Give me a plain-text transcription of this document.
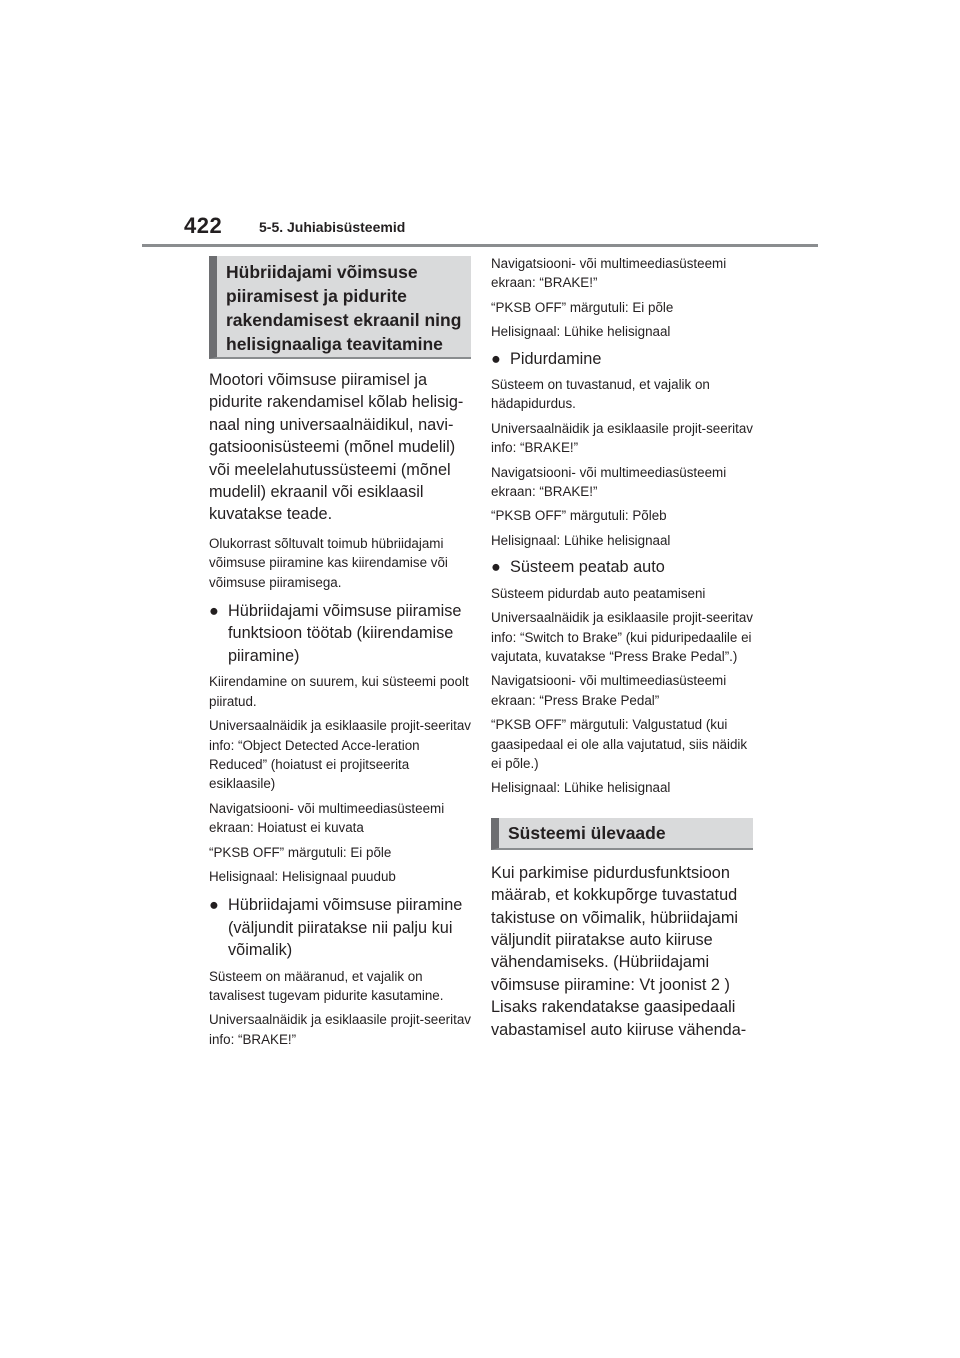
422	5-5. Juhiabisüsteemid
Hübriidajami võimsuse piiramisest ja pidurite rakendamisest ekraanil ning helisignaaliga teavitamine

Mootori võimsuse piiramisel ja pidurite rakendamisel kõlab helisig-naal ning universaalnäidikul, navi-gatsioonisüsteemi (mõnel mudelil) või meelelahutussüsteemi (mõnel mudelil) ekraanil või esiklaasil kuvatakse teade.

Olukorrast sõltuvalt toimub hübriidajami võimsuse piiramine kas kiirendamise või võimsuse piiramisega.

● Hübriidajami võimsuse piiramise funktsioon töötab (kiirendamise piiramine)

Kiirendamine on suurem, kui süsteemi poolt piiratud.

Universaalnäidik ja esiklaasile projit-seeritav info: “Object Detected Acce-leration Reduced” (hoiatust ei projitseerita esiklaasile)

Navigatsiooni- või multimeediasüsteemi ekraan: Hoiatust ei kuvata

“PKSB OFF” märgutuli: Ei põle

Helisignaal: Helisignaal puudub

● Hübriidajami võimsuse piiramine (väljundit piiratakse nii palju kui võimalik)

Süsteem on määranud, et vajalik on tavalisest tugevam pidurite kasutamine.

Universaalnäidik ja esiklaasile projit-seeritav info: “BRAKE!”

Navigatsiooni- või multimeediasüsteemi ekraan: “BRAKE!”

“PKSB OFF” märgutuli: Ei põle

Helisignaal: Lühike helisignaal

● Pidurdamine

Süsteem on tuvastanud, et vajalik on hädapidurdus.

Universaalnäidik ja esiklaasile projit-seeritav info: “BRAKE!”

Navigatsiooni- või multimeediasüsteemi ekraan: “BRAKE!”

“PKSB OFF” märgutuli: Põleb

Helisignaal: Lühike helisignaal

● Süsteem peatab auto

Süsteem pidurdab auto peatamiseni

Universaalnäidik ja esiklaasile projit-seeritav info: “Switch to Brake” (kui piduripedaalile ei vajutata, kuvatakse “Press Brake Pedal”.)

Navigatsiooni- või multimeediasüsteemi ekraan: “Press Brake Pedal”

“PKSB OFF” märgutuli: Valgustatud (kui gaasipedaal ei ole alla vajutatud, siis näidik ei põle.)

Helisignaal: Lühike helisignaal

Süsteemi ülevaade

Kui parkimise pidurdusfunktsioon määrab, et kokkupõrge tuvastatud takistuse on võimalik, hübriidajami väljundit piiratakse auto kiiruse vähendamiseks. (Hübriidajami võimsuse piiramine: Vt joonist 2 ) Lisaks rakendatakse gaasipedaali vabastamisel auto kiiruse vähenda-
